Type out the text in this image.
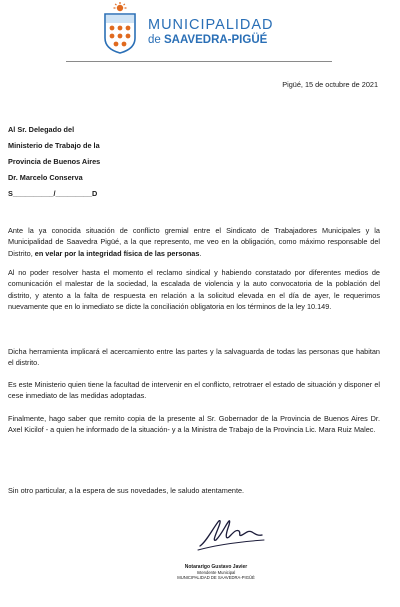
MUNICIPALIDAD
de SAAVEDRA-PIGÜÉ
Pigüé, 15 de octubre de 2021
Al Sr. Delegado del
Ministerio de Trabajo de la
Provincia de Buenos Aires
Dr. Marcelo Conserva
S__________/_________D
Ante la ya conocida situación de conflicto gremial entre el Sindicato de Trabajadores Municipales y la Municipalidad de Saavedra Pigüé, a la que represento, me veo en la obligación, como máximo responsable del Distrito, en velar por la integridad física de las personas.
Al no poder resolver hasta el momento el reclamo sindical y habiendo constatado por diferentes medios de comunicación el malestar de la sociedad, la escalada de violencia y la auto convocatoria de la población del distrito, y atento a la falta de respuesta en relación a la solicitud elevada en el día de ayer, le requerimos nuevamente que en lo inmediato se dicte la conciliación obligatoria en los términos de la ley 10.149.
Dicha herramienta implicará el acercamiento entre las partes y la salvaguarda de todas las personas que habitan el distrito.
Es este Ministerio quien tiene la facultad de intervenir en el conflicto, retrotraer el estado de situación y disponer el cese inmediato de las medidas adoptadas.
Finalmente, hago saber que remito copia de la presente al Sr. Gobernador de la Provincia de Buenos Aires Dr. Axel Kicilof - a quien he informado de la situación- y a la Ministra de Trabajo de la Provincia Lic. Mara Ruiz Malec.
Sin otro particular, a la espera de sus novedades, le saludo atentamente.
Notararigo Gustavo Javier
Intendente Municipal
MUNICIPALIDAD DE SAAVEDRA-PIGÜÉ
